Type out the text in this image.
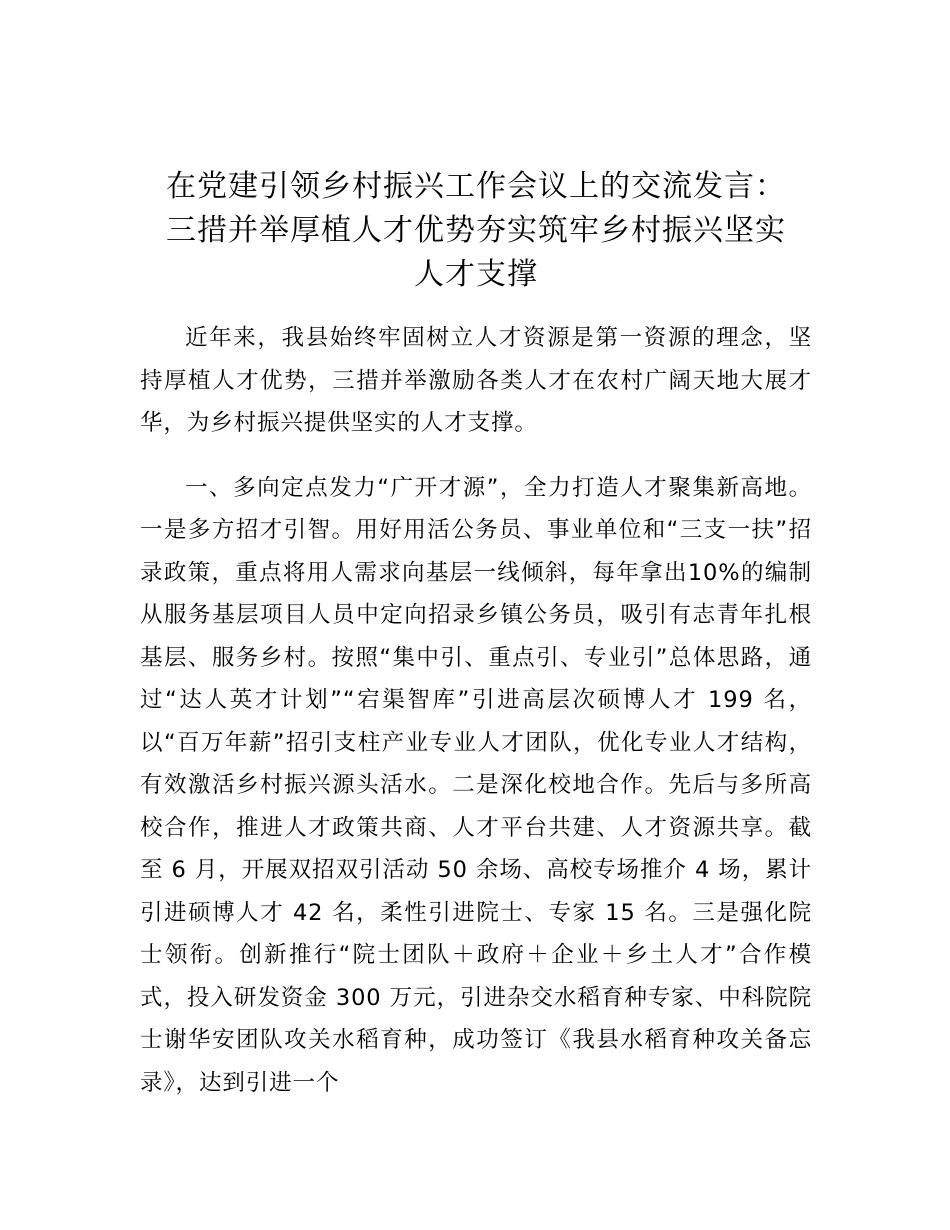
在党建引领乡村振兴工作会议上的交流发言：
三措并举厚植人才优势夯实筑牢乡村振兴坚实
人才支撑

近年来，我县始终牢固树立人才资源是第一资源的理念，坚持厚植人才优势，三措并举激励各类人才在农村广阔天地大展才华，为乡村振兴提供坚实的人才支撑。

一、多向定点发力“广开才源”，全力打造人才聚集新高地。一是多方招才引智。用好用活公务员、事业单位和“三支一扶”招录政策，重点将用人需求向基层一线倾斜，每年拿出10%的编制从服务基层项目人员中定向招录乡镇公务员，吸引有志青年扎根基层、服务乡村。按照“集中引、重点引、专业引”总体思路，通过“达人英才计划”“宕渠智库”引进高层次硕博人才 199 名，以“百万年薪”招引支柱产业专业人才团队，优化专业人才结构，有效激活乡村振兴源头活水。二是深化校地合作。先后与多所高校合作，推进人才政策共商、人才平台共建、人才资源共享。截至 6 月，开展双招双引活动 50 余场、高校专场推介 4 场，累计引进硕博人才 42 名，柔性引进院士、专家 15 名。三是强化院士领衔。创新推行“院士团队＋政府＋企业＋乡土人才”合作模式，投入研发资金 300 万元，引进杂交水稻育种专家、中科院院士谢华安团队攻关水稻育种，成功签订《我县水稻育种攻关备忘录》，达到引进一个
